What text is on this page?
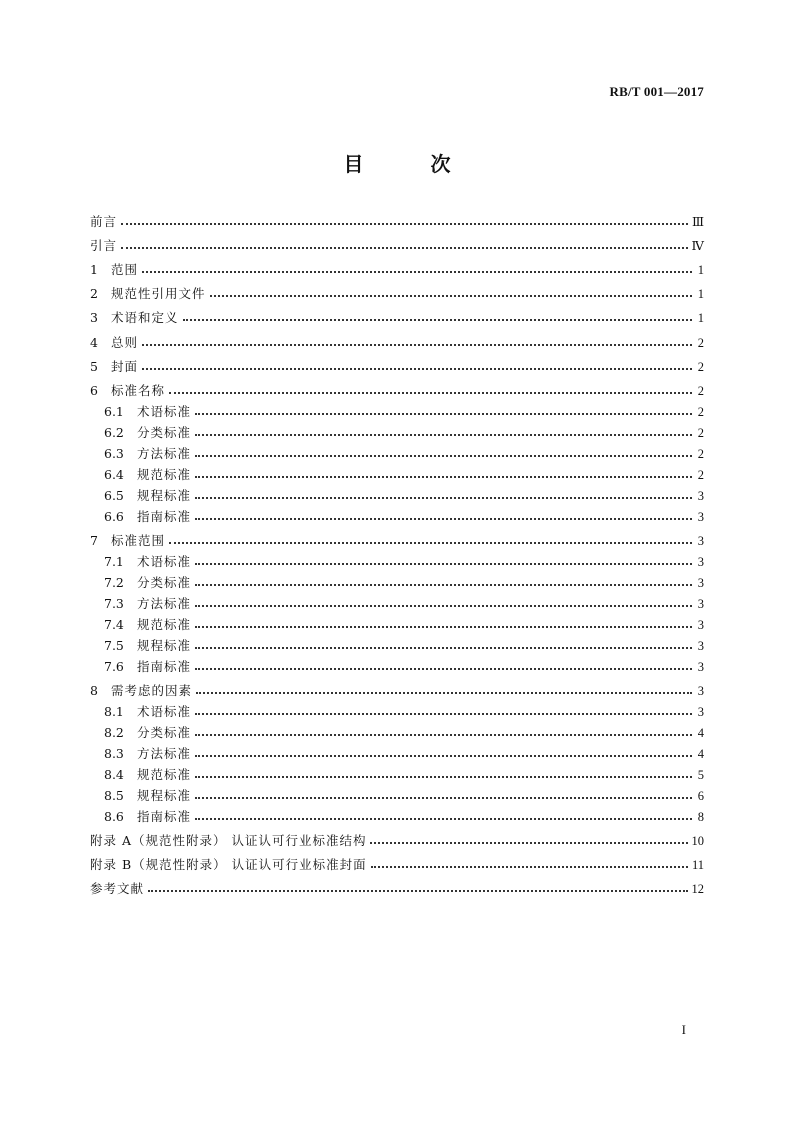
RB/T 001—2017
目 次
前言	Ⅲ
引言	Ⅳ
1	范围	1
2	规范性引用文件	1
3	术语和定义	1
4	总则	2
5	封面	2
6	标准名称	2
6.1	术语标准	2
6.2	分类标准	2
6.3	方法标准	2
6.4	规范标准	2
6.5	规程标准	3
6.6	指南标准	3
7	标准范围	3
7.1	术语标准	3
7.2	分类标准	3
7.3	方法标准	3
7.4	规范标准	3
7.5	规程标准	3
7.6	指南标准	3
8	需考虑的因素	3
8.1	术语标准	3
8.2	分类标准	4
8.3	方法标准	4
8.4	规范标准	5
8.5	规程标准	6
8.6	指南标准	8
附录 A（规范性附录） 认证认可行业标准结构	10
附录 B（规范性附录） 认证认可行业标准封面	11
参考文献	12
I
